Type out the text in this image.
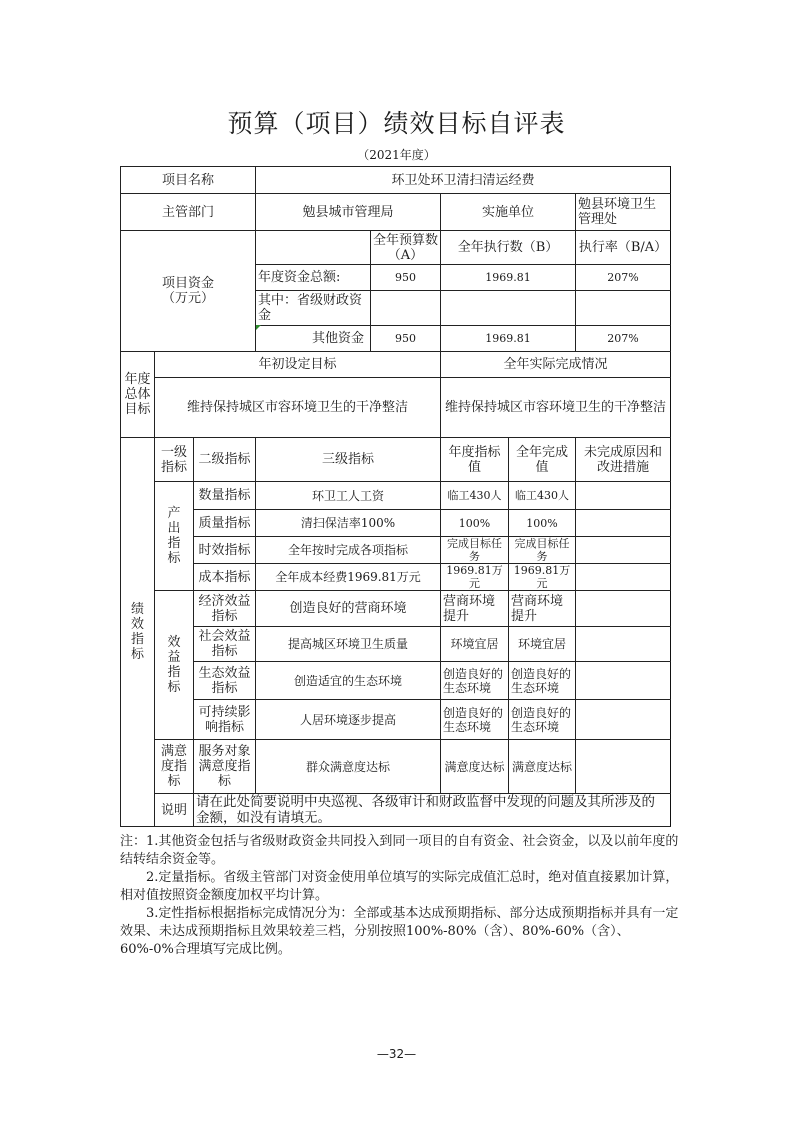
预算（项目）绩效目标自评表
（2021年度）
项目名称			环卫处环卫清扫清运经费				
主管部门			勉县城市管理局		实施单位		勉县环境卫生管理处

项目资金
（万元）				全年预算数（A）	全年执行数（B）		执行率（B/A）
			年度资金总额:	950	1969.81		207%
			其中：省级财政资金				
			其他资金	950	1969.81		207%
年度总体目标	年初设定目标				全年实际完成情况		
	维持保持城区市容环境卫生的干净整洁				维持保持城区市容环境卫生的干净整洁		

绩效指标	一级指标	二级指标	三级指标		年度指标值	全年完成值	未完成原因和改进措施

	产出指标	数量指标	环卫工人工资		临工430人	临工430人	
		质量指标	清扫保洁率100%		100%	100%	
		时效指标	全年按时完成各项指标		完成目标任务	完成目标任务	
		成本指标	全年成本经费1969.81万元		1969.81万元	1969.81万元	

	效益指标	经济效益指标	创造良好的营商环境		营商环境提升	营商环境提升	
		社会效益指标	提高城区环境卫生质量		环境宜居	环境宜居	
		生态效益指标	创造适宜的生态环境		创造良好的生态环境	创造良好的生态环境	
		可持续影响指标	人居环境逐步提高		创造良好的生态环境	创造良好的生态环境	
	满意度指标	服务对象满意度指标	群众满意度达标		满意度达标	满意度达标	
	说明	请在此处简要说明中央巡视、各级审计和财政监督中发现的问题及其所涉及的金额，如没有请填无。					

注：1.其他资金包括与省级财政资金共同投入到同一项目的自有资金、社会资金，以及以前年度的结转结余资金等。

2.定量指标。省级主管部门对资金使用单位填写的实际完成值汇总时，绝对值直接累加计算，相对值按照资金额度加权平均计算。

3.定性指标根据指标完成情况分为：全部或基本达成预期指标、部分达成预期指标并具有一定效果、未达成预期指标且效果较差三档，分别按照100%-80%（含）、80%-60%（含）、60%-0%合理填写完成比例。

—32—
